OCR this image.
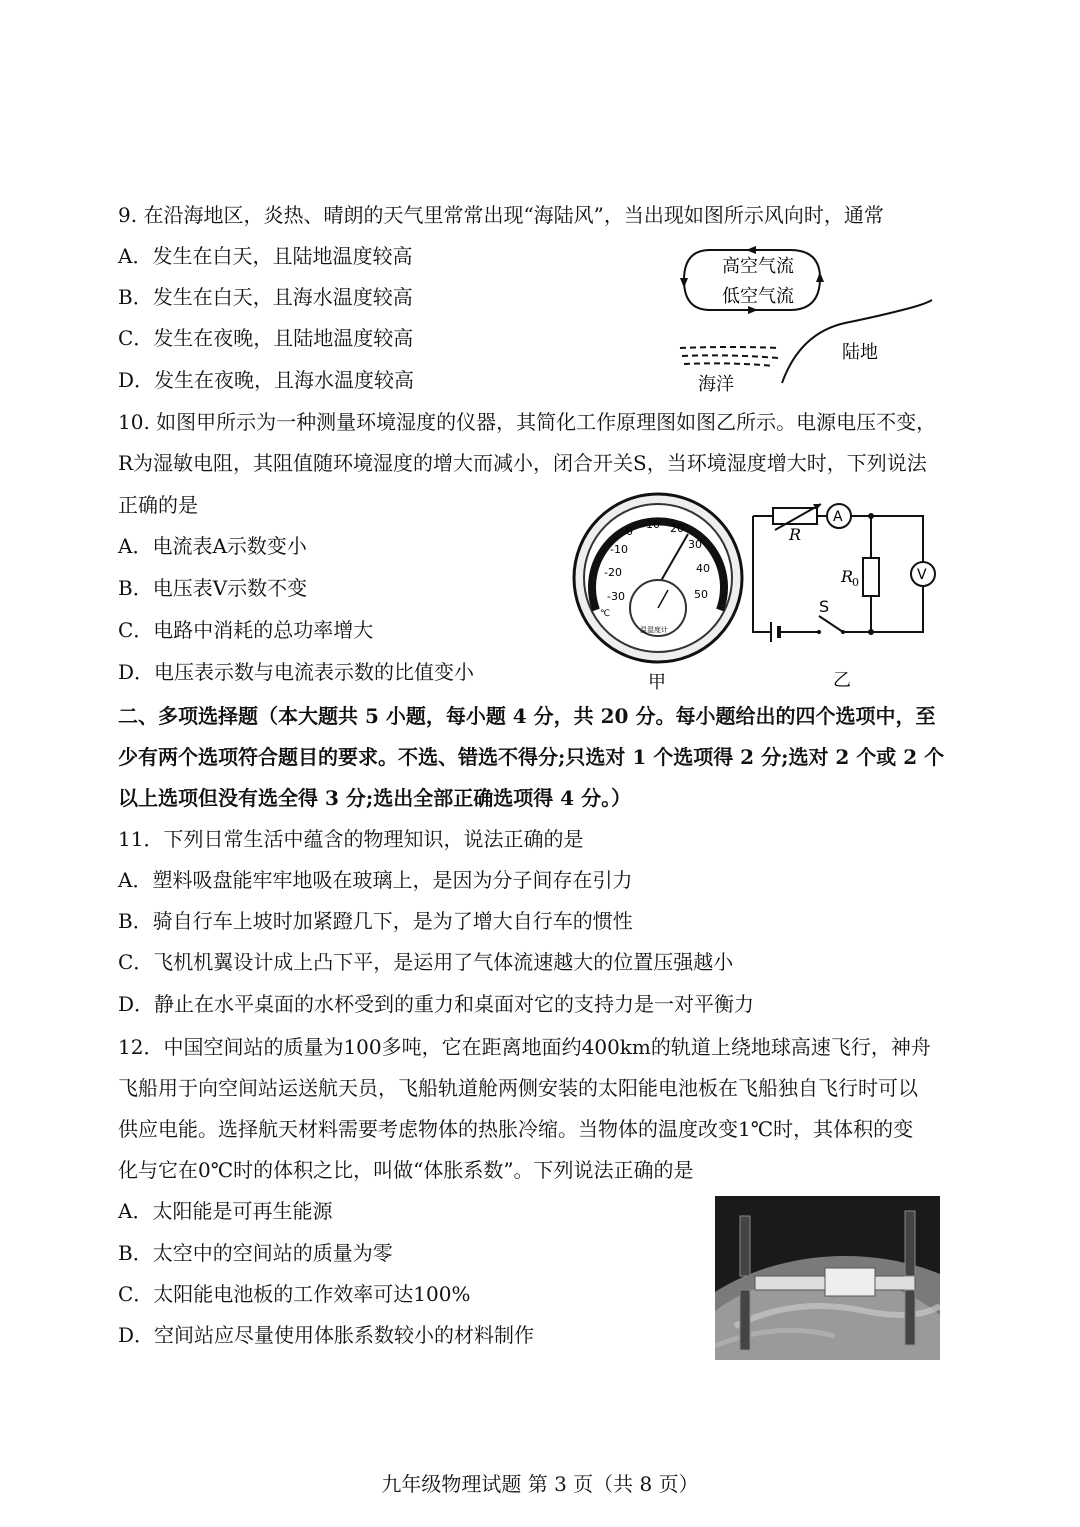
9. 在沿海地区，炎热、晴朗的天气里常常出现“海陆风”，当出现如图所示风向时，通常
A．发生在白天，且陆地温度较高
B．发生在白天，且海水温度较高
C．发生在夜晚，且陆地温度较高
D．发生在夜晚，且海水温度较高
高空气流
低空气流
陆地
海洋
10. 如图甲所示为一种测量环境湿度的仪器，其简化工作原理图如图乙所示。电源电压不变，
R为湿敏电阻，其阻值随环境湿度的增大而减小，闭合开关S，当环境湿度增大时，下列说法
正确的是
A．电流表A示数变小
B．电压表V示数不变
C．电路中消耗的总功率增大
D．电压表示数与电流表示数的比值变小
-30
-20
-10
0
10 20
30
40
50
℃
温湿度计
甲
R
A
V
R
0
S
乙
二、多项选择题（本大题共 5 小题，每小题 4 分，共 20 分。每小题给出的四个选项中，至
少有两个选项符合题目的要求。不选、错选不得分;只选对 1 个选项得 2 分;选对 2 个或 2 个
以上选项但没有选全得 3 分;选出全部正确选项得 4 分。）
11．下列日常生活中蕴含的物理知识，说法正确的是
A．塑料吸盘能牢牢地吸在玻璃上，是因为分子间存在引力
B．骑自行车上坡时加紧蹬几下，是为了增大自行车的惯性
C．飞机机翼设计成上凸下平，是运用了气体流速越大的位置压强越小
D．静止在水平桌面的水杯受到的重力和桌面对它的支持力是一对平衡力
12．中国空间站的质量为100多吨，它在距离地面约400km的轨道上绕地球高速飞行，神舟
飞船用于向空间站运送航天员，飞船轨道舱两侧安装的太阳能电池板在飞船独自飞行时可以
供应电能。选择航天材料需要考虑物体的热胀冷缩。当物体的温度改变1℃时，其体积的变
化与它在0℃时的体积之比，叫做“体胀系数”。下列说法正确的是
A．太阳能是可再生能源
B．太空中的空间站的质量为零
C．太阳能电池板的工作效率可达100%
D．空间站应尽量使用体胀系数较小的材料制作
九年级物理试题 第 3 页（共 8 页）
